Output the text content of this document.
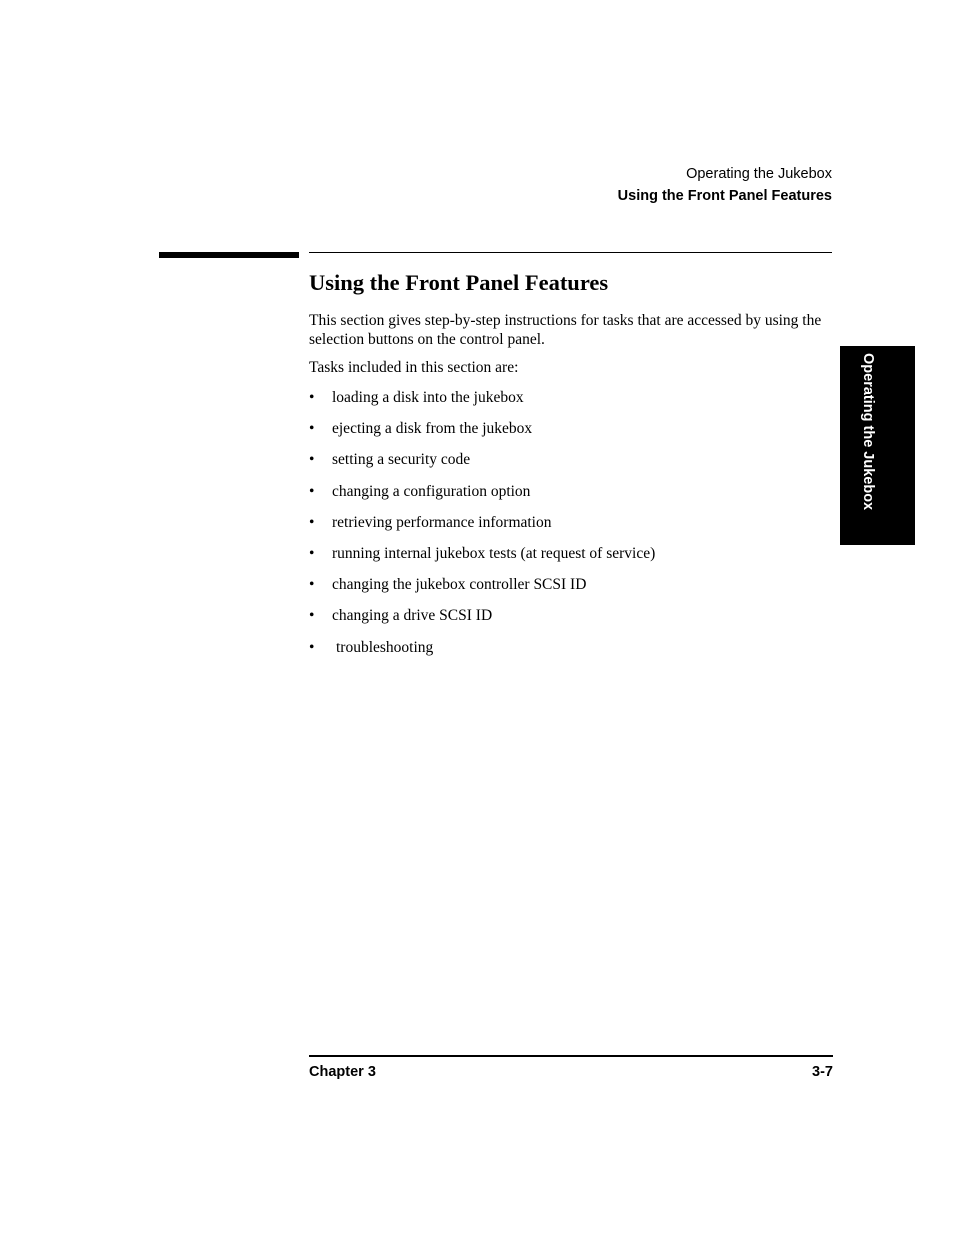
Operating the Jukebox
Using the Front Panel Features
Using the Front Panel Features

This section gives step-by-step instructions for tasks that are accessed by using the selection buttons on the control panel.

Tasks included in this section are:

•	loading a disk into the jukebox
•	ejecting a disk from the jukebox
•	setting a security code
•	changing a configuration option
•	retrieving performance information
•	running internal jukebox tests (at request of service)
•	changing the jukebox controller SCSI ID
•	changing a drive SCSI ID
•	troubleshooting
Operating the Jukebox
Chapter 3	3-7
